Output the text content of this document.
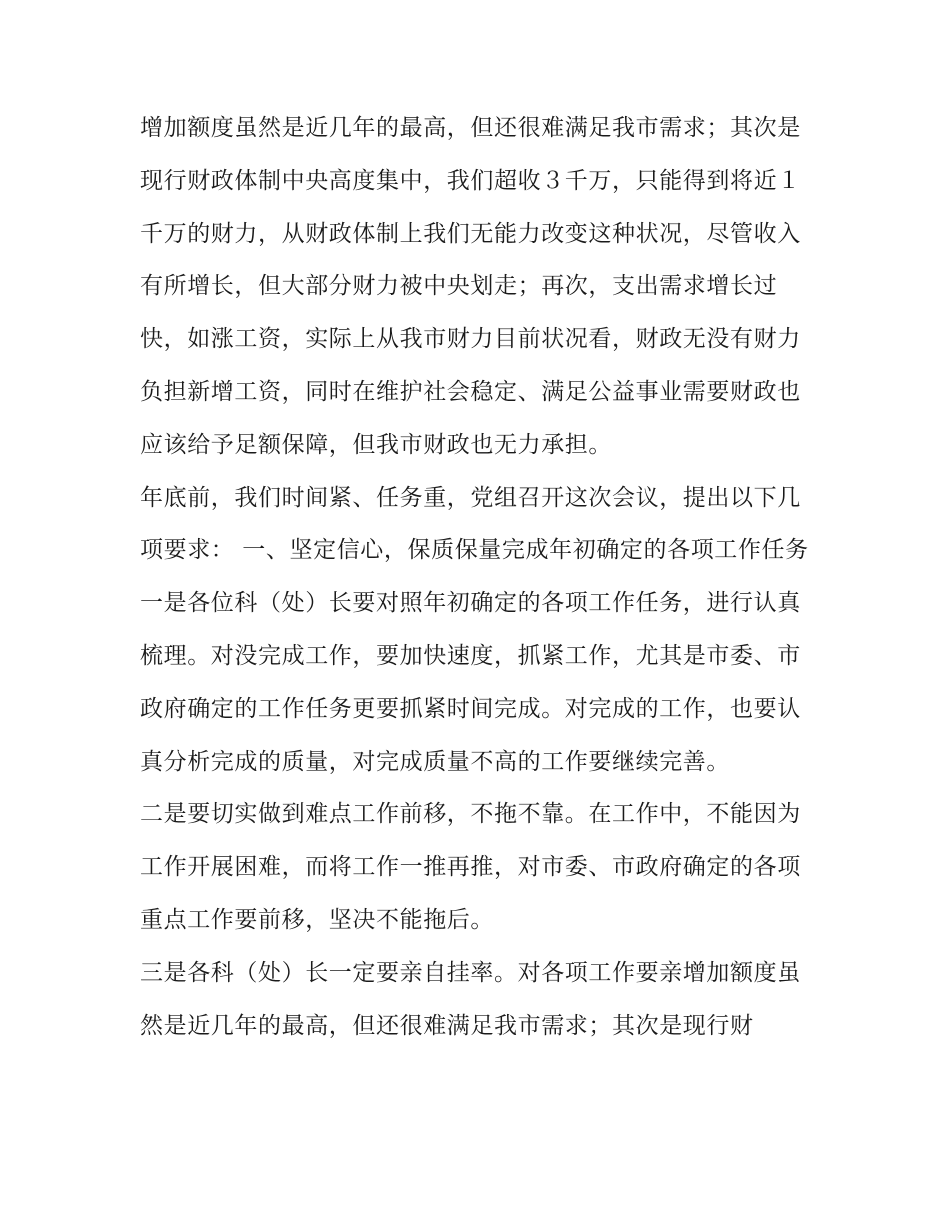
增加额度虽然是近几年的最高，但还很难满足我市需求；其次是现行财政体制中央高度集中，我们超收３千万，只能得到将近１千万的财力，从财政体制上我们无能力改变这种状况，尽管收入有所增长，但大部分财力被中央划走；再次，支出需求增长过快，如涨工资，实际上从我市财力目前状况看，财政无没有财力负担新增工资，同时在维护社会稳定、满足公益事业需要财政也应该给予足额保障，但我市财政也无力承担。

年底前，我们时间紧、任务重，党组召开这次会议，提出以下几项要求： 一、坚定信心，保质保量完成年初确定的各项工作任务

一是各位科（处）长要对照年初确定的各项工作任务，进行认真梳理。对没完成工作，要加快速度，抓紧工作，尤其是市委、市政府确定的工作任务更要抓紧时间完成。对完成的工作，也要认真分析完成的质量，对完成质量不高的工作要继续完善。

二是要切实做到难点工作前移，不拖不靠。在工作中，不能因为工作开展困难，而将工作一推再推，对市委、市政府确定的各项重点工作要前移，坚决不能拖后。

三是各科（处）长一定要亲自挂率。对各项工作要亲增加额度虽然是近几年的最高，但还很难满足我市需求；其次是现行财
